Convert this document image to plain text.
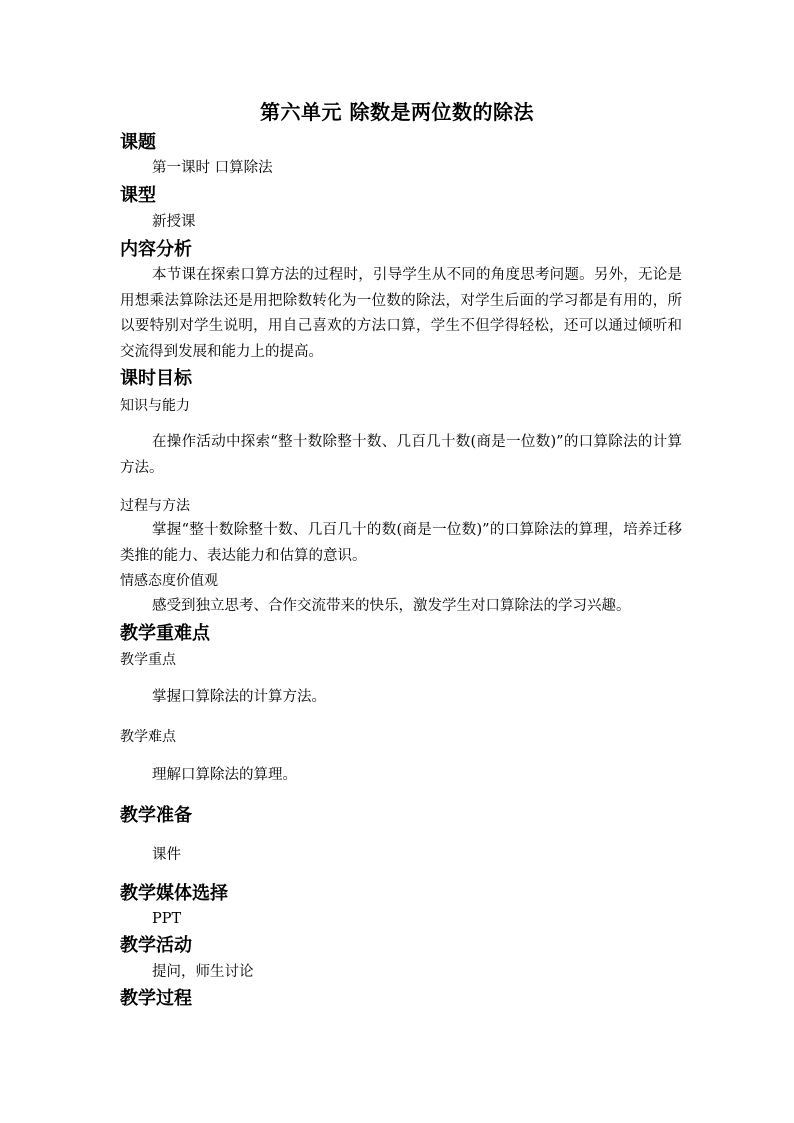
第六单元 除数是两位数的除法
课题
第一课时 口算除法
课型
新授课
内容分析
本节课在探索口算方法的过程时，引导学生从不同的角度思考问题。另外，无论是用想乘法算除法还是用把除数转化为一位数的除法，对学生后面的学习都是有用的，所以要特别对学生说明，用自己喜欢的方法口算，学生不但学得轻松，还可以通过倾听和交流得到发展和能力上的提高。
课时目标
知识与能力
在操作活动中探索“整十数除整十数、几百几十数(商是一位数)”的口算除法的计算方法。
过程与方法
掌握“整十数除整十数、几百几十的数(商是一位数)”的口算除法的算理，培养迁移类推的能力、表达能力和估算的意识。
情感态度价值观
感受到独立思考、合作交流带来的快乐，激发学生对口算除法的学习兴趣。
教学重难点
教学重点
掌握口算除法的计算方法。
教学难点
理解口算除法的算理。
教学准备
课件
教学媒体选择
PPT
教学活动
提问，师生讨论
教学过程
